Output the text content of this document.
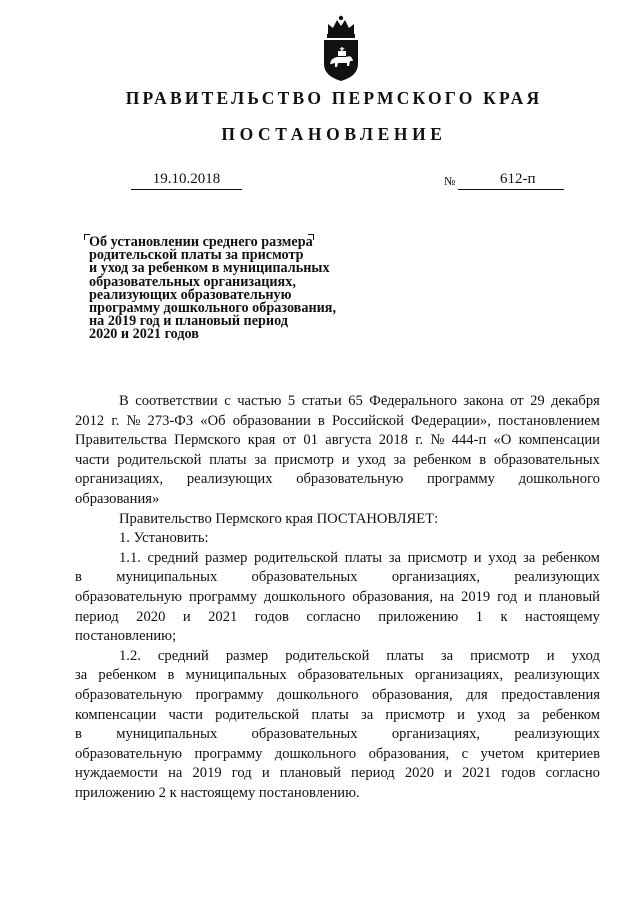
ПРАВИТЕЛЬСТВО ПЕРМСКОГО КРАЯ
ПОСТАНОВЛЕНИЕ
19.10.2018	№	612-п
Об установлении среднего размера
родительской платы за присмотр
и уход за ребенком в муниципальных
образовательных организациях,
реализующих образовательную
программу дошкольного образования,
на 2019 год и плановый период
2020 и 2021 годов
В соответствии с частью 5 статьи 65 Федерального закона от 29 декабря
2012 г. № 273-ФЗ «Об образовании в Российской Федерации», постановлением
Правительства Пермского края от 01 августа 2018 г. № 444-п «О компенсации
части родительской платы за присмотр и уход за ребенком в образовательных
организациях, реализующих образовательную программу дошкольного
образования»
Правительство Пермского края ПОСТАНОВЛЯЕТ:
1. Установить:
1.1. средний размер родительской платы за присмотр и уход за ребенком
в муниципальных образовательных организациях, реализующих
образовательную программу дошкольного образования, на 2019 год и плановый
период 2020 и 2021 годов согласно приложению 1 к настоящему
постановлению;
1.2. средний размер родительской платы за присмотр и уход
за ребенком в муниципальных образовательных организациях, реализующих
образовательную программу дошкольного образования, для предоставления
компенсации части родительской платы за присмотр и уход за ребенком
в муниципальных образовательных организациях, реализующих
образовательную программу дошкольного образования, с учетом критериев
нуждаемости на 2019 год и плановый период 2020 и 2021 годов согласно
приложению 2 к настоящему постановлению.
